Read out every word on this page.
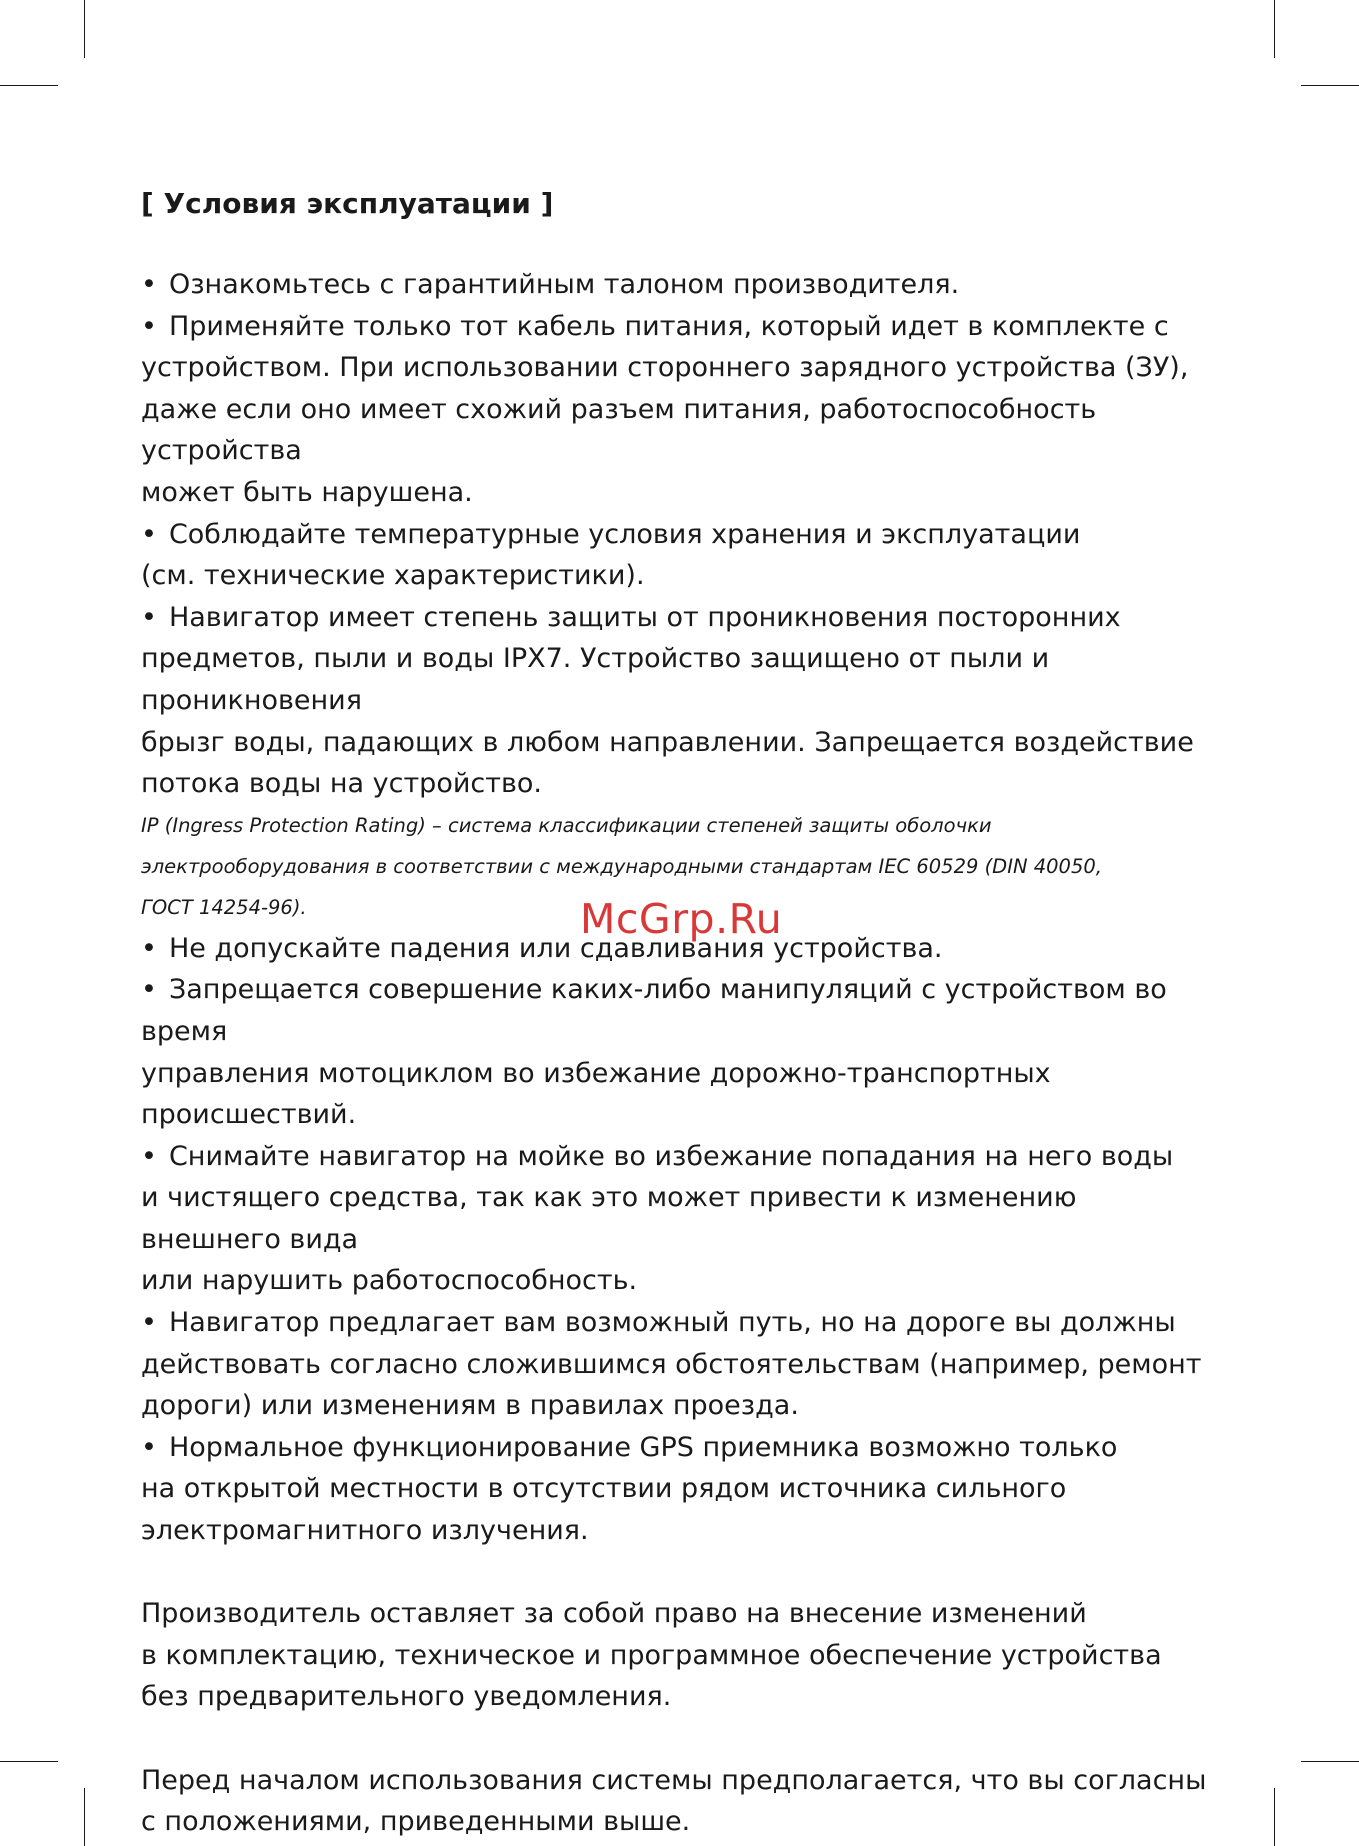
[ Условия эксплуатации ]

• Ознакомьтесь с гарантийным талоном производителя.

• Применяйте только тот кабель питания, который идет в комплекте с
устройством. При использовании стороннего зарядного устройства (ЗУ),
даже если оно имеет схожий разъем питания, работоспособность устройства
может быть нарушена.

• Соблюдайте температурные условия хранения и эксплуатации
(см. технические характеристики).

• Навигатор имеет степень защиты от проникновения посторонних
предметов, пыли и воды IPX7. Устройство защищено от пыли и проникновения
брызг воды, падающих в любом направлении. Запрещается воздействие
потока воды на устройство.

IP (Ingress Protection Rating) – система классификации степеней защиты оболочки
электрооборудования в соответствии с международными стандартам IEC 60529 (DIN 40050,
ГОСТ 14254-96).

• Не допускайте падения или сдавливания устройства.

• Запрещается совершение каких-либо манипуляций с устройством во время
управления мотоциклом во избежание дорожно-транспортных происшествий.

• Снимайте навигатор на мойке во избежание попадания на него воды
и чистящего средства, так как это может привести к изменению внешнего вида
или нарушить работоспособность.

• Навигатор предлагает вам возможный путь, но на дороге вы должны
действовать согласно сложившимся обстоятельствам (например, ремонт
дороги) или изменениям в правилах проезда.

• Нормальное функционирование GPS приемника возможно только
на открытой местности в отсутствии рядом источника сильного
электромагнитного излучения.

Производитель оставляет за собой право на внесение изменений
в комплектацию, техническое и программное обеспечение устройства
без предварительного уведомления.

Перед началом использования системы предполагается, что вы согласны
с положениями, приведенными выше.

McGrp.Ru
